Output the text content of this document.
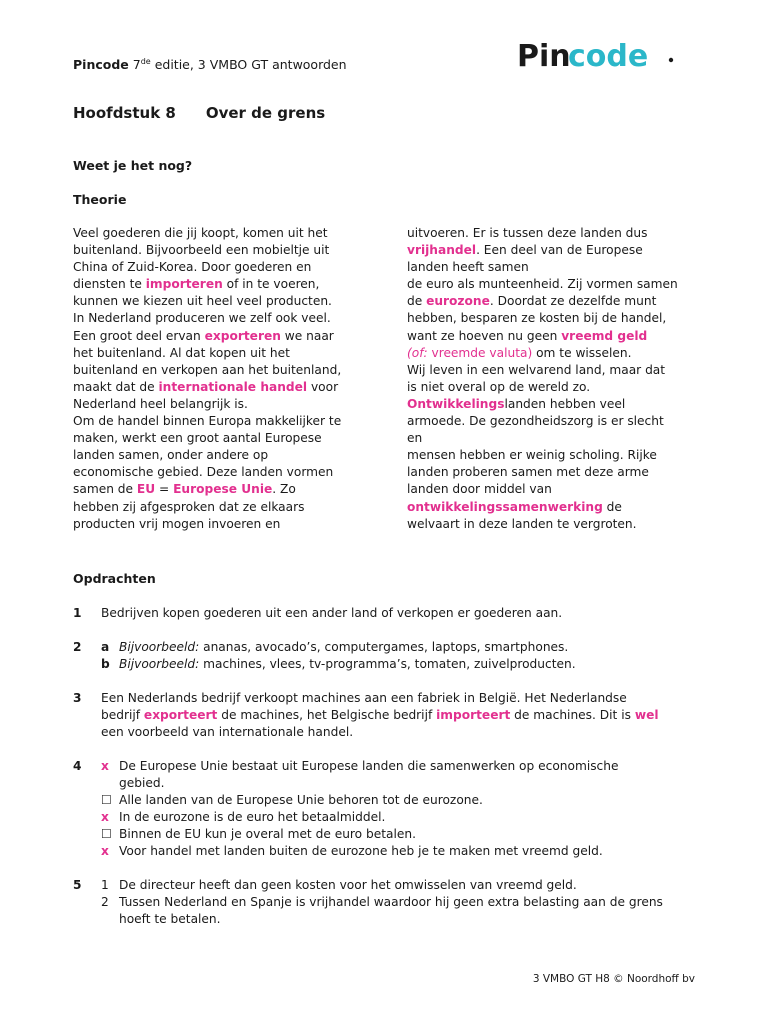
Pincode 7de editie, 3 VMBO GT antwoorden	Pin
code
Hoofdstuk 8 Over de grens
Weet je het nog?
Theorie
Veel goederen die jij koopt, komen uit het
buitenland. Bijvoorbeeld een mobieltje uit
China of Zuid-Korea. Door goederen en
diensten te importeren of in te voeren,
kunnen we kiezen uit heel veel producten.
In Nederland produceren we zelf ook veel.
Een groot deel ervan exporteren we naar
het buitenland. Al dat kopen uit het
buitenland en verkopen aan het buitenland,
maakt dat de internationale handel voor
Nederland heel belangrijk is.
Om de handel binnen Europa makkelijker te
maken, werkt een groot aantal Europese
landen samen, onder andere op
economische gebied. Deze landen vormen
samen de EU = Europese Unie. Zo
hebben zij afgesproken dat ze elkaars
producten vrij mogen invoeren en
uitvoeren. Er is tussen deze landen dus
vrijhandel. Een deel van de Europese
landen heeft samen
de euro als munteenheid. Zij vormen samen
de eurozone. Doordat ze dezelfde munt
hebben, besparen ze kosten bij de handel,
want ze hoeven nu geen vreemd geld
(of: vreemde valuta) om te wisselen.
Wij leven in een welvarend land, maar dat
is niet overal op de wereld zo.
Ontwikkelingslanden hebben veel
armoede. De gezondheidszorg is er slecht
en
mensen hebben er weinig scholing. Rijke
landen proberen samen met deze arme
landen door middel van
ontwikkelingssamenwerking de
welvaart in deze landen te vergroten.
Opdrachten
1 Bedrijven kopen goederen uit een ander land of verkopen er goederen aan.
2 a Bijvoorbeeld: ananas, avocado’s, computergames, laptops, smartphones.
b Bijvoorbeeld: machines, vlees, tv-programma’s, tomaten, zuivelproducten.
3 Een Nederlands bedrijf verkoopt machines aan een fabriek in België. Het Nederlandse
bedrijf exporteert de machines, het Belgische bedrijf importeert de machines. Dit is wel
een voorbeeld van internationale handel.
4 x De Europese Unie bestaat uit Europese landen die samenwerken op economische
gebied.
☐ Alle landen van de Europese Unie behoren tot de eurozone.
x In de eurozone is de euro het betaalmiddel.
☐ Binnen de EU kun je overal met de euro betalen.
x Voor handel met landen buiten de eurozone heb je te maken met vreemd geld.
5 1 De directeur heeft dan geen kosten voor het omwisselen van vreemd geld.
2 Tussen Nederland en Spanje is vrijhandel waardoor hij geen extra belasting aan de grens
hoeft te betalen.
3 VMBO GT H8 © Noordhoff bv
